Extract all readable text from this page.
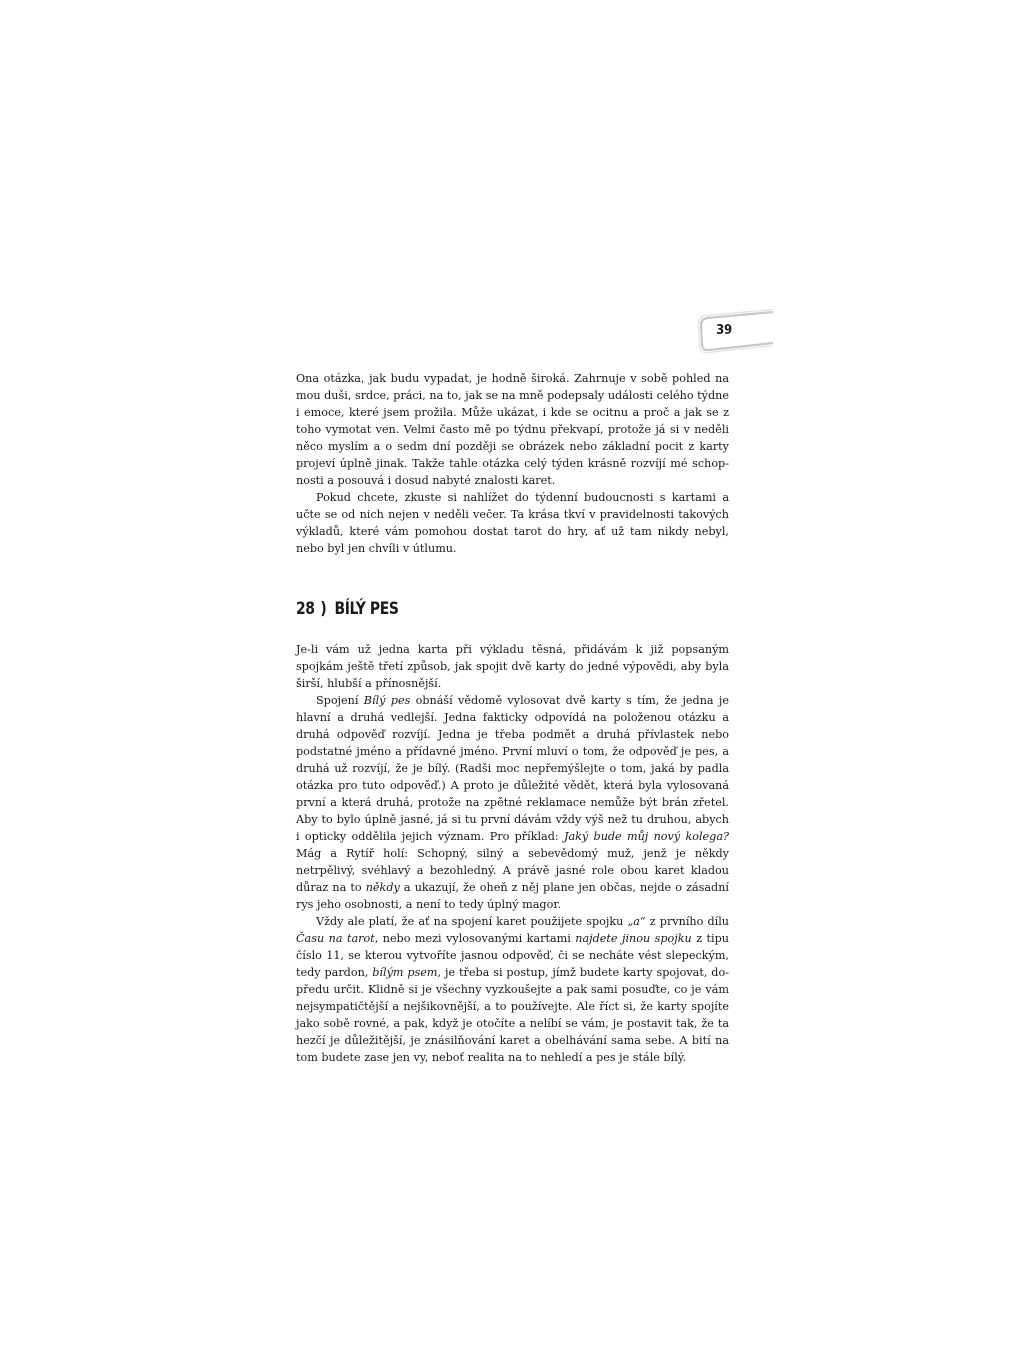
39

Ona otázka, jak budu vypadat, je hodně široká. Zahrnuje v sobě pohled na mou duši, srdce, práci, na to, jak se na mně podepsaly události celého týdne i emoce, které jsem prožila. Může ukázat, i kde se ocitnu a proč a jak se z toho vymotat ven. Velmi často mě po týdnu překvapí, protože já si v neděli něco myslím a o sedm dní později se obrázek nebo základní pocit z karty projeví úplně jinak. Takže tahle otázka celý týden krásně rozvíjí mé schopnosti a posouvá i dosud nabyté znalosti karet.

Pokud chcete, zkuste si nahlížet do týdenní budoucnosti s kartami a učte se od nich nejen v neděli večer. Ta krása tkví v pravidelnosti takových výkladů, které vám pomohou dostat tarot do hry, ať už tam nikdy nebyl, nebo byl jen chvíli v útlumu.

28 ) BÍLÝ PES

Je-li vám už jedna karta při výkladu těsná, přidávám k již popsaným spojkám ještě třetí způsob, jak spojit dvě karty do jedné výpovědi, aby byla širší, hlubší a přínosnější.

Spojení Bílý pes obnáší vědomě vylosovat dvě karty s tím, že jedna je hlavní a druhá vedlejší. Jedna fakticky odpovídá na položenou otázku a druhá odpověď rozvíjí. Jedna je třeba podmět a druhá přívlastek nebo podstatné jméno a přídavné jméno. První mluví o tom, že odpověď je pes, a druhá už rozvíjí, že je bílý. (Radši moc nepřemýšlejte o tom, jaká by padla otázka pro tuto odpověď.) A proto je důležité vědět, která byla vylosovaná první a která druhá, protože na zpětné reklamace nemůže být brán zřetel. Aby to bylo úplně jasné, já si tu první dávám vždy výš než tu druhou, abych i opticky oddělila jejich význam. Pro příklad: Jaký bude můj nový kolega? Mág a Rytíř holí: Schopný, silný a sebevědomý muž, jenž je někdy netrpělivý, svéhlavý a bezohledný. A právě jasné role obou karet kladou důraz na to někdy a ukazují, že oheň z něj plane jen občas, nejde o zásadní rys jeho osobnosti, a není to tedy úplný magor.

Vždy ale platí, že ať na spojení karet použijete spojku „a“ z prvního dílu Času na tarot, nebo mezi vylosovanými kartami najdete jinou spojku z tipu číslo 11, se kterou vytvoříte jasnou odpověď, či se necháte vést slepeckým, tedy pardon, bílým psem, je třeba si postup, jímž budete karty spojovat, dopředu určit. Klidně si je všechny vyzkoušejte a pak sami posuďte, co je vám nejsympatičtější a nejšikovnější, a to používejte. Ale říct si, že karty spojíte jako sobě rovné, a pak, když je otočíte a nelíbí se vám, je postavit tak, že ta hezčí je důležitější, je znásilňování karet a obelhávání sama sebe. A bití na tom budete zase jen vy, neboť realita na to nehledí a pes je stále bílý.
